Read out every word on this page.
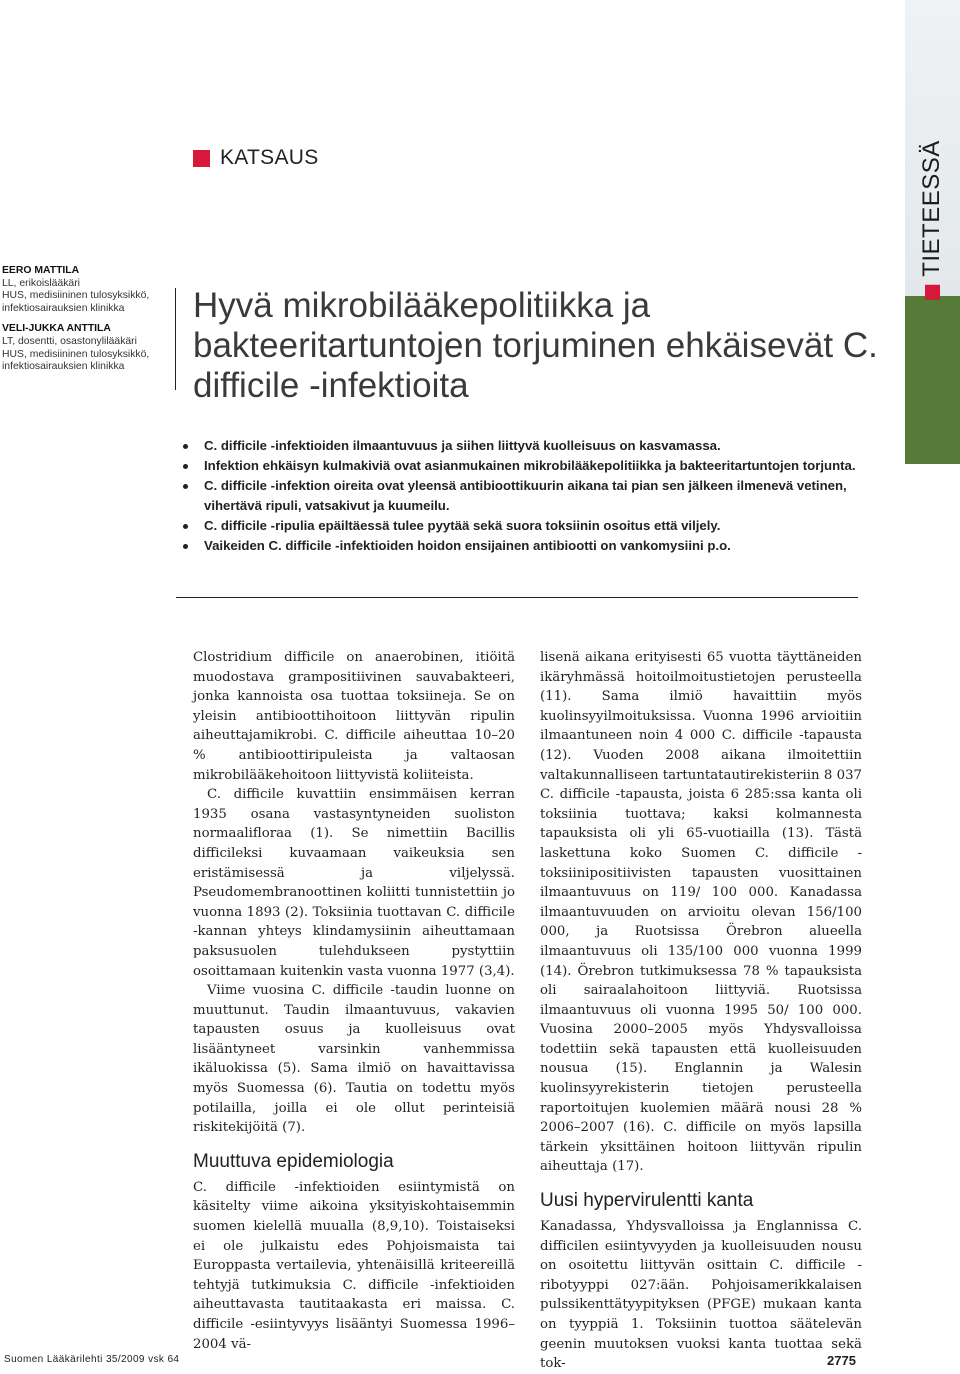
TIETEESSÄ
KATSAUS
EERO MATTILA
LL, erikoislääkäri
HUS, medisiininen tulosyksikkö,
infektiosairauksien klinikka
VELI-JUKKA ANTTILA
LT, dosentti, osastonylilääkäri
HUS, medisiininen tulosyksikkö,
infektiosairauksien klinikka
Hyvä mikrobilääkepolitiikka ja bakteeritartuntojen torjuminen ehkäisevät C. difficile -infektioita
C. difficile -infektioiden ilmaantuvuus ja siihen liittyvä kuolleisuus on kasvamassa.
Infektion ehkäisyn kulmakiviä ovat asianmukainen mikrobilääkepolitiikka ja bakteeritartuntojen torjunta.
C. difficile -infektion oireita ovat yleensä antibioottikuurin aikana tai pian sen jälkeen ilmenevä vetinen, vihertävä ripuli, vatsakivut ja kuumeilu.
C. difficile -ripulia epäiltäessä tulee pyytää sekä suora toksiinin osoitus että viljely.
Vaikeiden C. difficile -infektioiden hoidon ensijainen antibiootti on vankomysiini p.o.

Clostridium difficile on anaerobinen, itiöitä muodostava grampositiivinen sauvabakteeri, jonka kannoista osa tuottaa toksiineja. Se on yleisin antibioottihoitoon liittyvän ripulin aiheuttajamikrobi. C. difficile aiheuttaa 10–20 % antibioottiripuleista ja valtaosan mikrobilääkehoitoon liittyvistä koliiteista.

C. difficile kuvattiin ensimmäisen kerran 1935 osana vastasyntyneiden suoliston normaalifloraa (1). Se nimettiin Bacillis difficileksi kuvaamaan vaikeuksia sen eristämisessä ja viljelyssä. Pseudomembranoottinen koliitti tunnistettiin jo vuonna 1893 (2). Toksiinia tuottavan C. difficile -kannan yhteys klindamysiinin aiheuttamaan paksusuolen tulehdukseen pystyttiin osoittamaan kuitenkin vasta vuonna 1977 (3,4).

Viime vuosina C. difficile -taudin luonne on muuttunut. Taudin ilmaantuvuus, vakavien tapausten osuus ja kuolleisuus ovat lisääntyneet varsinkin vanhemmissa ikäluokissa (5). Sama ilmiö on havaittavissa myös Suomessa (6). Tautia on todettu myös potilailla, joilla ei ole ollut perinteisiä riskitekijöitä (7).

Muuttuva epidemiologia

C. difficile -infektioiden esiintymistä on käsitelty viime aikoina yksityiskohtaisemmin suomen kielellä muualla (8,9,10). Toistaiseksi ei ole julkaistu edes Pohjoismaista tai Europpasta vertailevia, yhtenäisillä kriteereillä tehtyjä tutkimuksia C. difficile -infektioiden aiheuttavasta tautitaakasta eri maissa. C. difficile -esiintyvyys lisääntyi Suomessa 1996–2004 vä-

lisenä aikana erityisesti 65 vuotta täyttäneiden ikäryhmässä hoitoilmoitustietojen perusteella (11). Sama ilmiö havaittiin myös kuolinsyyilmoituksissa. Vuonna 1996 arvioitiin ilmaantuneen noin 4 000 C. difficile -tapausta (12). Vuoden 2008 aikana ilmoitettiin valtakunnalliseen tartuntatautirekisteriin 8 037 C. difficile -tapausta, joista 6 285:ssa kanta oli toksiinia tuottava; kaksi kolmannesta tapauksista oli yli 65-vuotiailla (13). Tästä laskettuna koko Suomen C. difficile -toksiinipositiivisten tapausten vuosittainen ilmaantuvuus on 119/ 100 000. Kanadassa ilmaantuvuuden on arvioitu olevan 156/100 000, ja Ruotsissa Örebron alueella ilmaantuvuus oli 135/100 000 vuonna 1999 (14). Örebron tutkimuksessa 78 % tapauksista oli sairaalahoitoon liittyviä. Ruotsissa ilmaantuvuus oli vuonna 1995 50/ 100 000. Vuosina 2000–2005 myös Yhdysvalloissa todettiin sekä tapausten että kuolleisuuden nousua (15). Englannin ja Walesin kuolinsyyrekisterin tietojen perusteella raportoitujen kuolemien määrä nousi 28 % 2006–2007 (16). C. difficile on myös lapsilla tärkein yksittäinen hoitoon liittyvän ripulin aiheuttaja (17).

Uusi hypervirulentti kanta

Kanadassa, Yhdysvalloissa ja Englannissa C. difficilen esiintyvyyden ja kuolleisuuden nousu on osoitettu liittyvän osittain C. difficile -ribotyyppi 027:ään. Pohjoisamerikkalaisen pulssikenttätyypityksen (PFGE) mukaan kanta on tyyppiä 1. Toksiinin tuottoa säätelevän geenin muutoksen vuoksi kanta tuottaa sekä tok-

Suomen Lääkärilehti 35/2009 vsk 64	2775
